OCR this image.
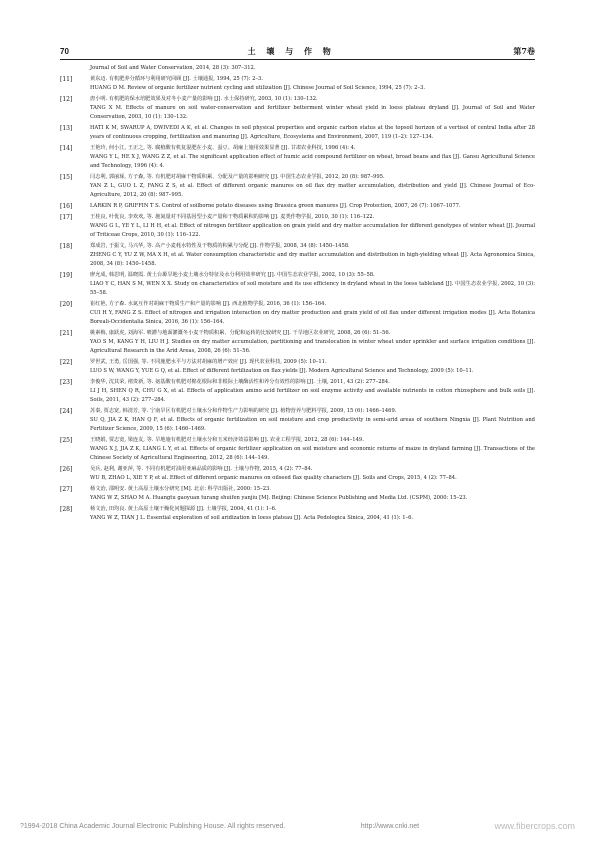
70	土 壤 与 作 物	第7卷
Journal of Soil and Water Conservation, 2014, 28 (3): 307–312.
[11]	黄东迈. 有机肥养分循环与利用研究回顾 [J]. 土壤通报, 1994, 25 (7): 2–3.
HUANG D M. Review of organic fertilizer nutrient cycling and utilization [J]. Chinese Journal of Soil Science, 1994, 25 (7): 2–3.
[12]	唐小明. 有机肥的保水培肥效果及对冬小麦产量的影响 [J]. 水土保持研究, 2003, 10 (1): 130–132.
TANG X M. Effects of manure on soil water-conservation and fertilizer betterment winter wheat yield in loess plateau dryland [J]. Journal of Soil and Water Conservation, 2003, 10 (1): 130–132.
[13]	HATI K M, SWARUP A, DWIVEDI A K, et al. Changes in soil physical properties and organic carbon status at the topsoil horizon of a vertisol of central India after 28 years of continuous cropping, fertilization and manuring [J]. Agriculture, Ecosystems and Environment, 2007, 119 (1–2): 127–134.
[14]	王艳玲, 何小江, 王正之, 等. 腐植酸有机复混肥在小麦、蚕豆、胡麻上施用效果显著 [J]. 甘肃农业科技, 1996 (4): 4.
WANG Y L, HE X J, WANG Z Z, et al. The significant application effect of humic acid compound fertilizer on wheat, broad beans and flax [J]. Gansu Agricultural Science and Technology, 1996 (4): 4.
[15]	闫志利, 郭丽琢, 方子森, 等. 有机肥对胡麻干物质积累、分配及产量的影响研究 [J]. 中国生态农业学报, 2012, 20 (8): 987–995.
YAN Z L, GUO L Z, FANG Z S, et al. Effect of different organic manures on oil flax dry matter accumulation, distribution and yield [J]. Chinese Journal of Eco-Agriculture, 2012, 20 (8): 987–995.
[16]	LARKIN R P, GRIFFIN T S. Control of soilborne potato diseases using Brassica green manures [J]. Crop Protection, 2007, 26 (7): 1067–1077.
[17]	王桂良, 叶优良, 李欢欢, 等. 施氮量对不同基因型小麦产量和干物质累积的影响 [J]. 麦类作物学报, 2010, 30 (1): 116–122.
WANG G L, YE Y L, LI H H, et al. Effect of nitrogen fertilizer application on grain yield and dry matter accumulation for different genotypes of winter wheat [J]. Journal of Triticeae Crops, 2010, 30 (1): 116–122.
[18]	郑成岩, 于振文, 马兴华, 等. 高产小麦耗水特性及干物质的积累与分配 [J]. 作物学报, 2008, 34 (8): 1450–1458.
ZHENG C Y, YU Z W, MA X H, et al. Water consumption characteristic and dry matter accumulation and distribution in high-yielding wheat [J]. Acta Agronomica Sinica, 2008, 34 (8): 1450–1458.
[19]	廖允成, 韩思明, 温晓霞. 黄土台塬旱地小麦土壤水分特征及水分利用效率研究 [J]. 中国生态农业学报, 2002, 10 (3): 55–58.
LIAO Y C, HAN S M, WEN X X. Study on characteristics of soil moisture and its use efficiency in dryland wheat in the loess tableland [J]. 中国生态农业学报, 2002, 10 (3): 55–58.
[20]	崔红艳, 方子森. 水氮互作对胡麻干物质生产和产量的影响 [J]. 西北植物学报, 2016, 36 (1): 156–164.
CUI H Y, FANG Z S. Effect of nitrogen and irrigation interaction on dry matter production and grain yield of oil flax under different irrigation modes [J]. Acta Botanica Boreali-Occidentalia Sinica, 2016, 36 (1): 156–164.
[21]	姚素梅, 康跃虎, 刘海军. 喷灌与地面灌溉冬小麦干物质积累、分配和运转的比较研究 [J]. 干旱地区农业研究, 2008, 26 (6): 51–56.
YAO S M, KANG Y H, LIU H J. Studies on dry matter accumulation, partitioning and translocation in winter wheat under sprinkler and surface irrigation conditions [J]. Agricultural Research in the Arid Areas, 2008, 26 (6): 51–56.
[22]	罗世武, 王勇, 岳国强, 等. 不同施肥水平与方法对胡麻的增产效应 [J]. 现代农业科技, 2009 (5): 10–11.
LUO S W, WANG Y, YUE G Q, et al. Effect of different fertilization on flax yields [J]. Modern Agricultural Science and Technology, 2009 (5): 10–11.
[23]	李俊华, 沈其荣, 褚贵新, 等. 氨基酸有机肥对棉花根际和非根际土壤酶活性和养分有效性的影响 [J]. 土壤, 2011, 43 (2): 277–284.
LI J H, SHEN Q R, CHU G X, et al. Effects of application amino acid fertilizer on soil enzyme activity and available nutrients in cotton rhizosphere and bulk soils [J]. Soils, 2011, 43 (2): 277–284.
[24]	苏秦, 贾志宽, 韩清芳, 等. 宁南旱区有机肥对土壤水分和作物生产力影响的研究 [J]. 植物营养与肥料学报, 2009, 15 (6): 1466–1469.
SU Q, JIA Z K, HAN Q F, et al. Effects of organic fertilization on soil moisture and crop productivity in semi-arid areas of southern Ningxia [J]. Plant Nutrition and Fertilizer Science, 2009, 15 (6): 1466–1469.
[25]	王晓娟, 贾志宽, 梁连友, 等. 旱地施有机肥对土壤水分和玉米经济效益影响 [J]. 农业工程学报, 2012, 28 (6): 144–149.
WANG X J, JIA Z K, LIANG L Y, et al. Effects of organic fertilizer application on soil moisture and economic returns of maize in dryland farming [J]. Transactions of the Chinese Society of Agricultural Engineering, 2012, 28 (6): 144–149.
[26]	吴兵, 赵利, 谢亚萍, 等. 不同有机肥对油用亚麻品质的影响 [J]. 土壤与作物, 2015, 4 (2): 77–84.
WU B, ZHAO L, XIE Y P, et al. Effect of different organic manures on oilseed flax quality characters [J]. Soils and Crops, 2015, 4 (2): 77–84.
[27]	杨文治, 邵明安. 黄土高原土壤水分研究 [M]. 北京: 科学出版社, 2000: 15–23.
YANG W Z, SHAO M A. Huangtu gaoyuan turang shuifen yanjiu [M]. Beijing: Chinese Science Publishing and Media Ltd. (CSPM), 2000: 15–23.
[28]	杨文治, 田均良. 黄土高原土壤干燥化问题探源 [J]. 土壤学报, 2004, 41 (1): 1–6.
YANG W Z, TIAN J L. Essential exploration of soil aridization in loess plateau [J]. Acta Pedologica Sinica, 2004, 41 (1): 1–6.
?1994-2018 China Academic Journal Electronic Publishing House. All rights reserved.	http://www.cnki.net	www.fibercrops.com
